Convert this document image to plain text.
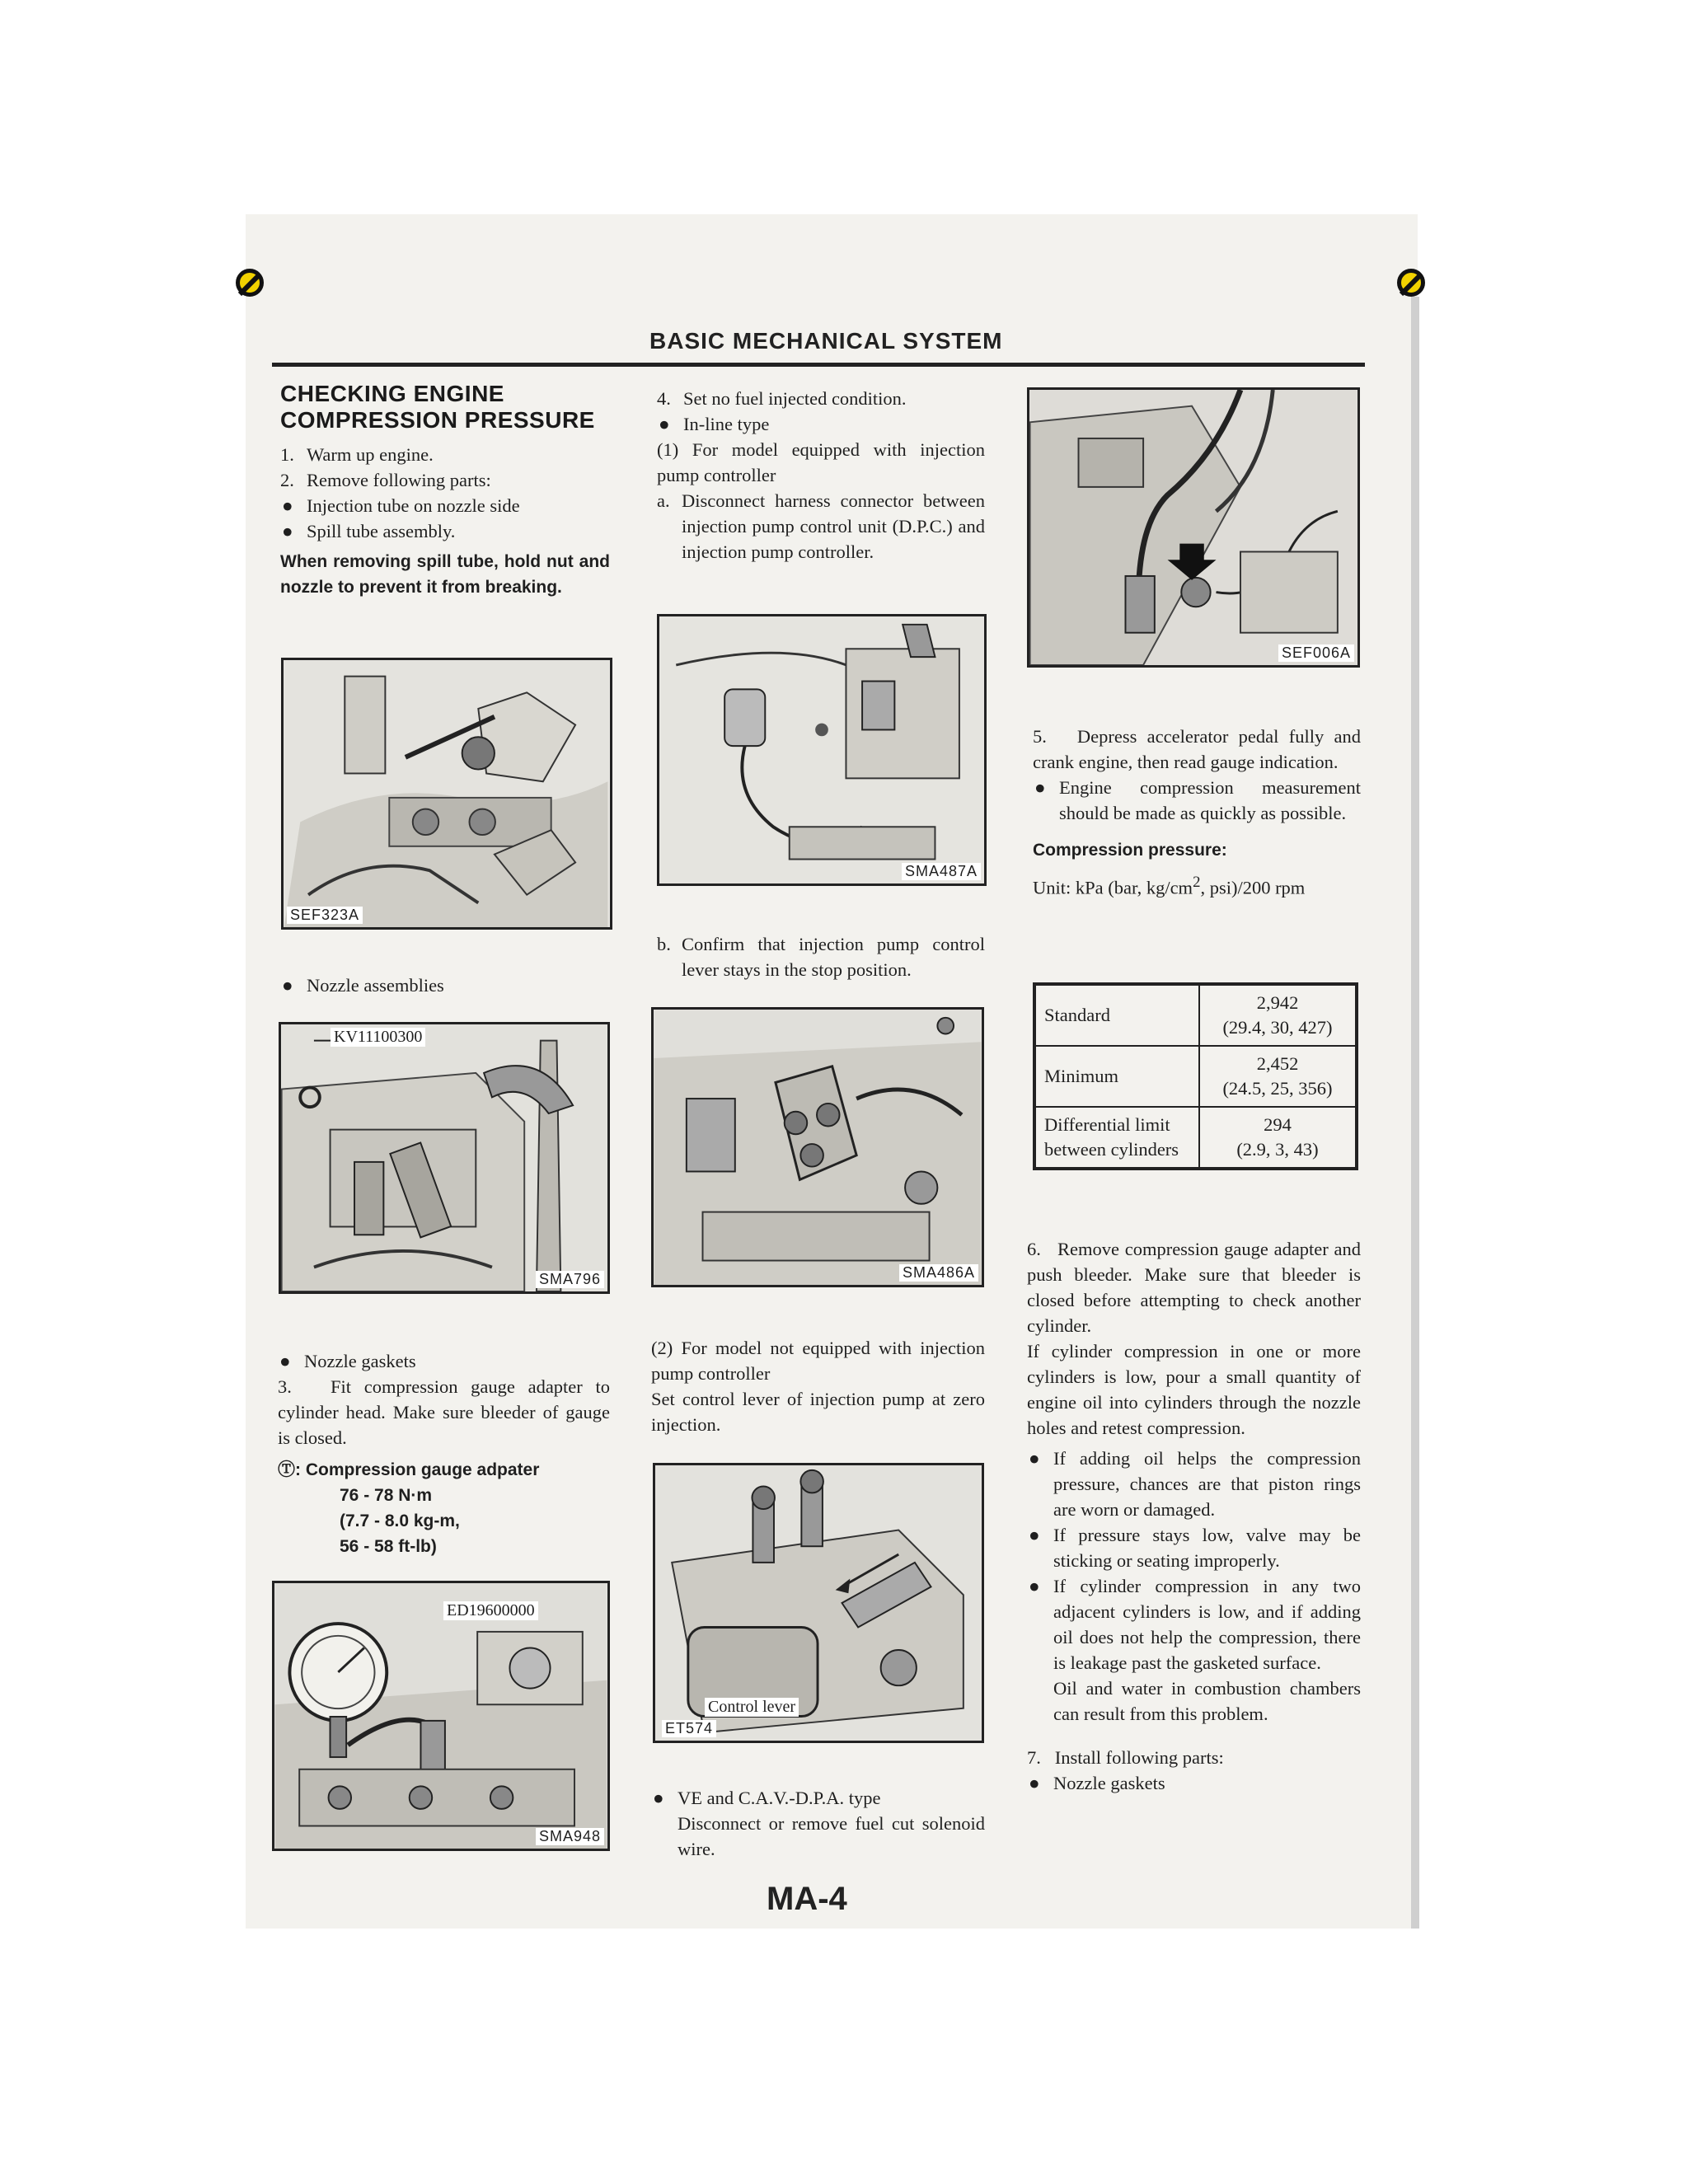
BASIC MECHANICAL SYSTEM
CHECKING ENGINE
COMPRESSION PRESSURE

1. Warm up engine.

2. Remove following parts:

● Injection tube on nozzle side

● Spill tube assembly.

When removing spill tube, hold nut and nozzle to prevent it from breaking.

SEF323A

● Nozzle assemblies

KV11100300
SMA796

● Nozzle gaskets

3. Fit compression gauge adapter to cylinder head. Make sure bleeder of gauge is closed.

Ⓣ: Compression gauge adpater

76 - 78 N·m
(7.7 - 8.0 kg-m,
56 - 58 ft-lb)
ED19600000
SMA948

4. Set no fuel injected condition.

● In-line type

(1) For model equipped with injection pump controller

a. Disconnect harness connector between injection pump control unit (D.P.C.) and injection pump controller.

SMA487A

b. Confirm that injection pump control lever stays in the stop position.

SMA486A

(2) For model not equipped with injection pump controller

Set control lever of injection pump at zero injection.

Control lever
ET574

● VE and C.A.V.-D.P.A. type

Disconnect or remove fuel cut solenoid wire.

SEF006A

5. Depress accelerator pedal fully and crank engine, then read gauge indication.

● Engine compression measurement should be made as quickly as possible.

Compression pressure:

Unit: kPa (bar, $kg/cm^2$, psi)/200 rpm

Standard	2,942
(29.4, 30, 427)

Minimum	2,452
(24.5, 25, 356)

Differential limit between cylinders	294
(2.9, 3, 43)

6. Remove compression gauge adapter and push bleeder. Make sure that bleeder is closed before attempting to check another cylinder.

If cylinder compression in one or more cylinders is low, pour a small quantity of engine oil into cylinders through the nozzle holes and retest compression.

● If adding oil helps the compression pressure, chances are that piston rings are worn or damaged.

● If pressure stays low, valve may be sticking or seating improperly.

● If cylinder compression in any two adjacent cylinders is low, and if adding oil does not help the compression, there is leakage past the gasketed surface.

Oil and water in combustion chambers can result from this problem.

7. Install following parts:

● Nozzle gaskets

MA-4
